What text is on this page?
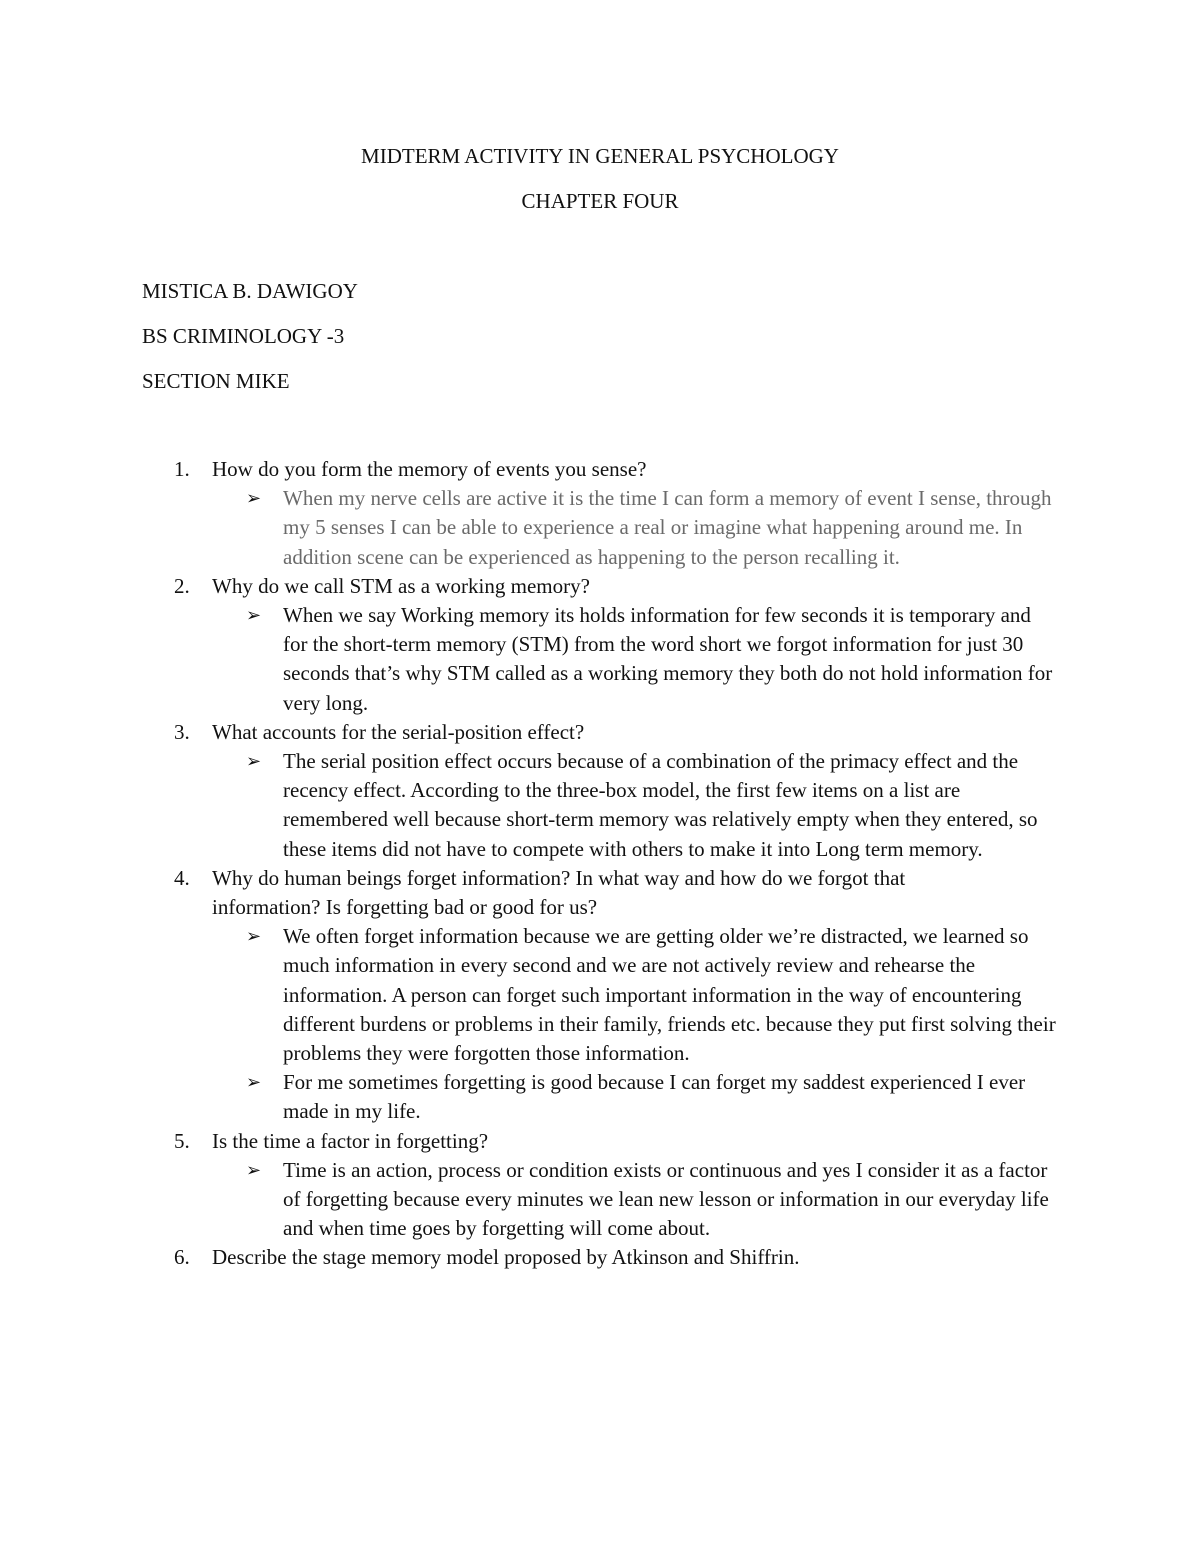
MIDTERM ACTIVITY IN GENERAL PSYCHOLOGY
CHAPTER FOUR
MISTICA B. DAWIGOY
BS CRIMINOLOGY -3
SECTION MIKE
1. How do you form the memory of events you sense?
➢ When my nerve cells are active it is the time I can form a memory of event I sense, through my 5 senses I can be able to experience a real or imagine what happening around me. In addition scene can be experienced as happening to the person recalling it.
2. Why do we call STM as a working memory?
➢ When we say Working memory its holds information for few seconds it is temporary and for the short-term memory (STM) from the word short we forgot information for just 30 seconds that’s why STM called as a working memory they both do not hold information for very long.
3. What accounts for the serial-position effect?
➢ The serial position effect occurs because of a combination of the primacy effect and the recency effect. According to the three-box model, the first few items on a list are remembered well because short-term memory was relatively empty when they entered, so these items did not have to compete with others to make it into Long term memory.
4. Why do human beings forget information? In what way and how do we forgot that information? Is forgetting bad or good for us?
➢ We often forget information because we are getting older we’re distracted, we learned so much information in every second and we are not actively review and rehearse the information. A person can forget such important information in the way of encountering different burdens or problems in their family, friends etc. because they put first solving their problems they were forgotten those information.
➢ For me sometimes forgetting is good because I can forget my saddest experienced I ever made in my life.
5. Is the time a factor in forgetting?
➢ Time is an action, process or condition exists or continuous and yes I consider it as a factor of forgetting because every minutes we lean new lesson or information in our everyday life and when time goes by forgetting will come about.
6. Describe the stage memory model proposed by Atkinson and Shiffrin.
